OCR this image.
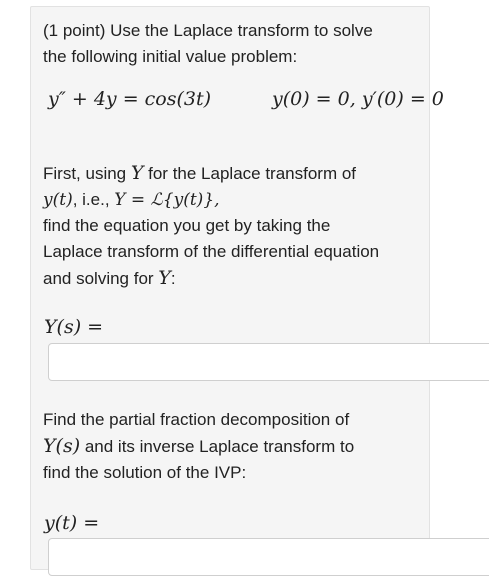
(1 point) Use the Laplace transform to solve
the following initial value problem:
y″ + 4y = cos(3t)	y(0) = 0, y′(0) = 0
First, using Y for the Laplace transform of
y(t), i.e., Y = ℒ{y(t)},
find the equation you get by taking the
Laplace transform of the differential equation
and solving for Y:
Y(s) =
Find the partial fraction decomposition of
Y(s) and its inverse Laplace transform to
find the solution of the IVP:
y(t) =
